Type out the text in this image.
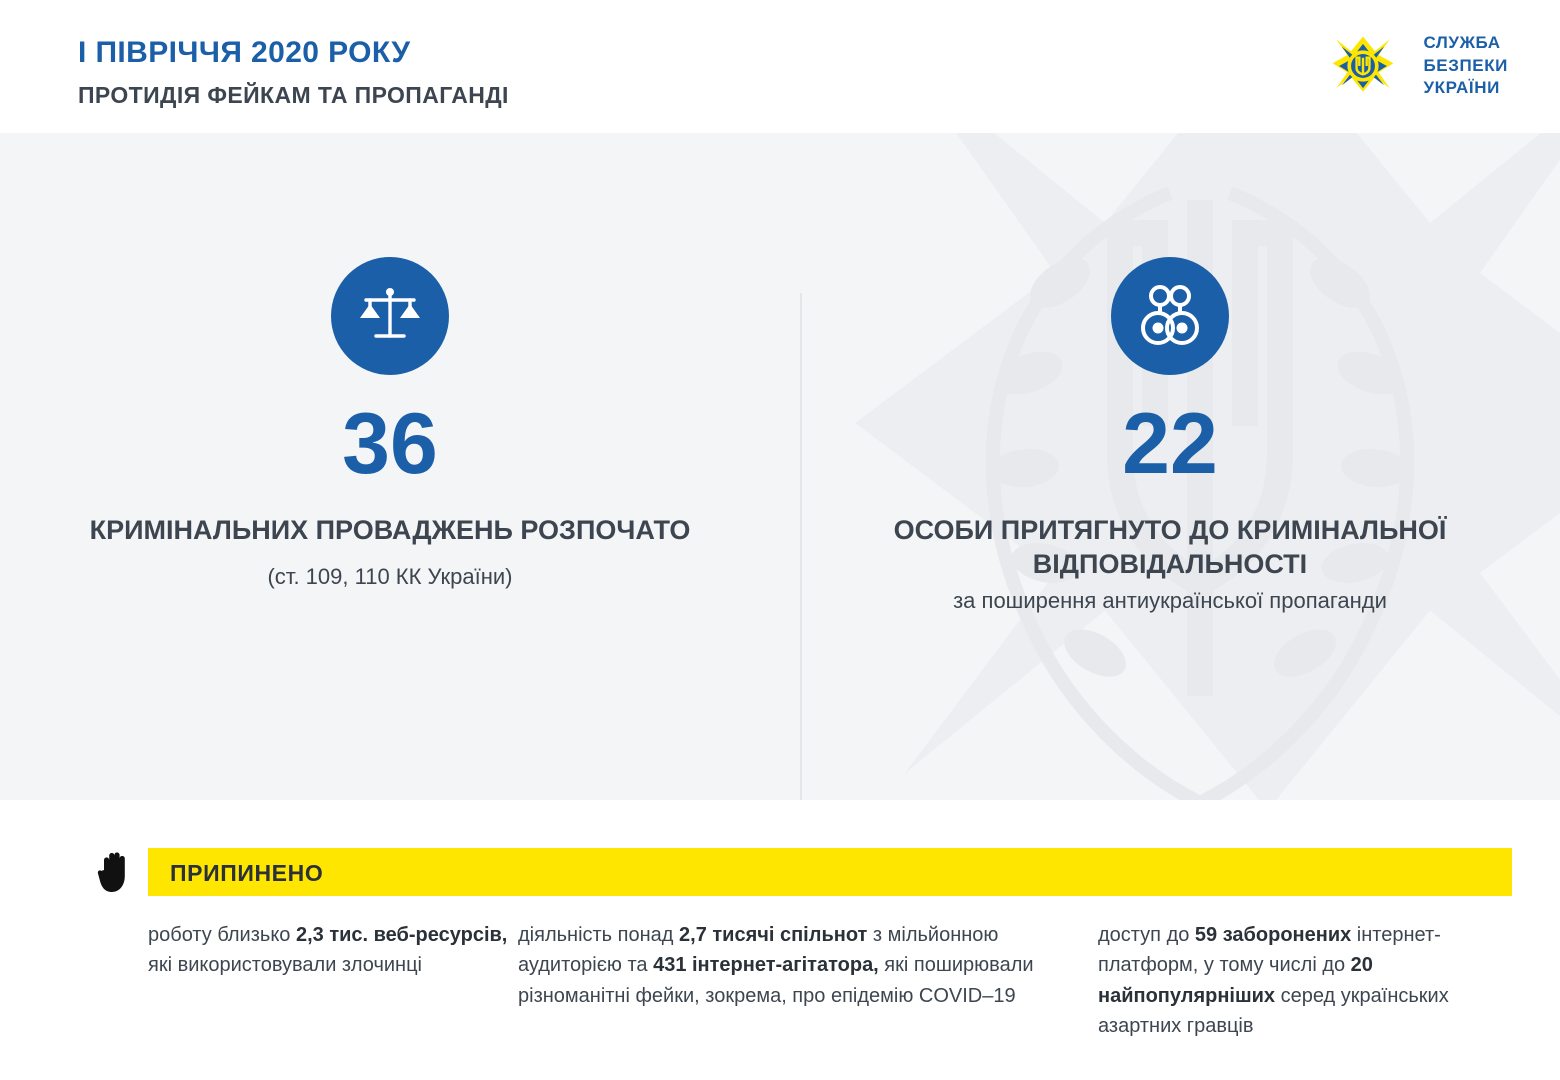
І ПІВРІЧЧЯ 2020 РОКУ
ПРОТИДІЯ ФЕЙКАМ ТА ПРОПАГАНДІ
СЛУЖБА
БЕЗПЕКИ
УКРАЇНИ
36
КРИМІНАЛЬНИХ ПРОВАДЖЕНЬ РОЗПОЧАТО
(ст. 109, 110 КК України)
22
ОСОБИ ПРИТЯГНУТО ДО КРИМІНАЛЬНОЇ ВІДПОВІДАЛЬНОСТІ
за поширення антиукраїнської пропаганди
ПРИПИНЕНО
роботу близько 2,3 тис. веб-ресурсів, які використовували злочинці
діяльність понад 2,7 тисячі спільнот з мільйонною аудиторією та 431 інтернет-агітатора, які поширювали різноманітні фейки, зокрема, про епідемію COVID–19
доступ до 59 заборонених інтернет-платформ, у тому числі до 20 найпопулярніших серед українських азартних гравців
